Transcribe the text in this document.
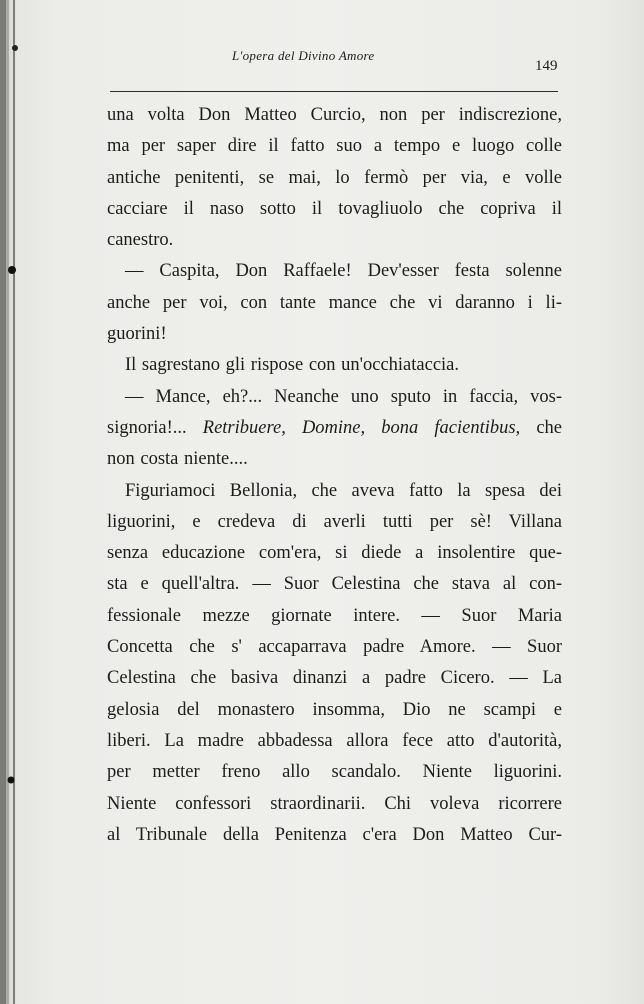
L'opera del Divino Amore
149
una volta Don Matteo Curcio, non per indiscrezione,
ma per saper dire il fatto suo a tempo e luogo colle
antiche penitenti, se mai, lo fermò per via, e volle
cacciare il naso sotto il tovagliuolo che copriva il
canestro.
— Caspita, Don Raffaele! Dev'esser festa solenne
anche per voi, con tante mance che vi daranno i li-
guorini!
Il sagrestano gli rispose con un'occhiataccia.
— Mance, eh?... Neanche uno sputo in faccia, vos-
signoria!... Retribuere, Domine, bona facientibus, che
non costa niente....
Figuriamoci Bellonia, che aveva fatto la spesa dei
liguorini, e credeva di averli tutti per sè! Villana
senza educazione com'era, si diede a insolentire que-
sta e quell'altra. — Suor Celestina che stava al con-
fessionale mezze giornate intere. — Suor Maria
Concetta che s' accaparrava padre Amore. — Suor
Celestina che basiva dinanzi a padre Cicero. — La
gelosia del monastero insomma, Dio ne scampi e
liberi. La madre abbadessa allora fece atto d'autorità,
per metter freno allo scandalo. Niente liguorini.
Niente confessori straordinarii. Chi voleva ricorrere
al Tribunale della Penitenza c'era Don Matteo Cur-
